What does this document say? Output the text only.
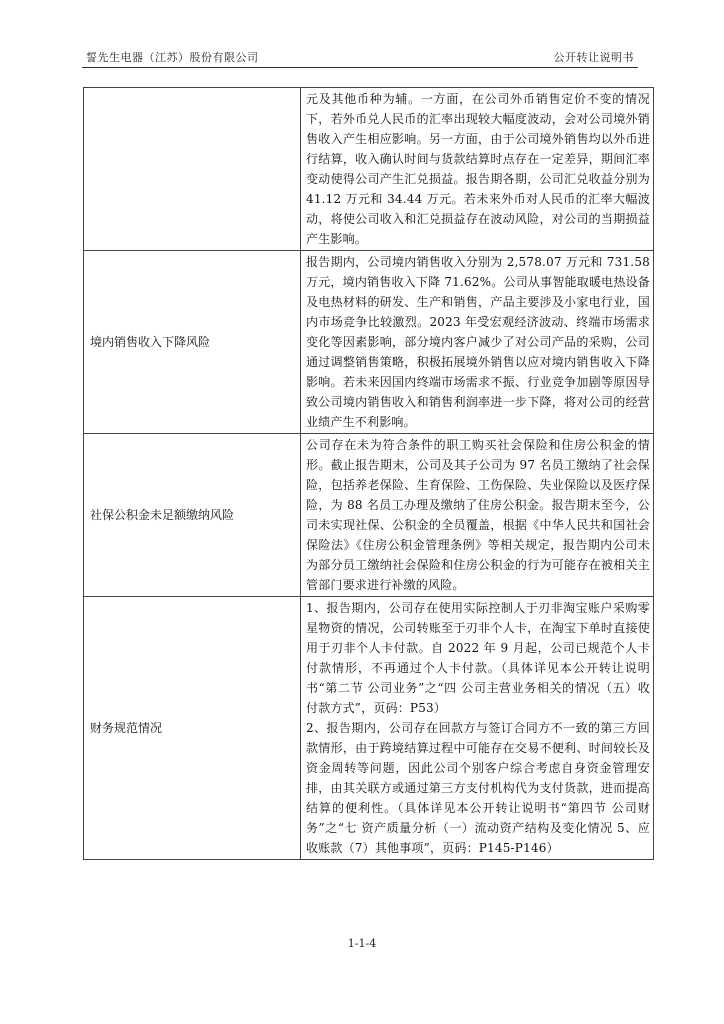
誓先生电器（江苏）股份有限公司	公开转让说明书

	元及其他币种为辅。一方面，在公司外币销售定价不变的情况下，若外币兑人民币的汇率出现较大幅度波动，会对公司境外销售收入产生相应影响。另一方面，由于公司境外销售均以外币进行结算，收入确认时间与货款结算时点存在一定差异，期间汇率变动使得公司产生汇兑损益。报告期各期，公司汇兑收益分别为 41.12 万元和 34.44 万元。若未来外币对人民币的汇率大幅波动，将使公司收入和汇兑损益存在波动风险，对公司的当期损益产生影响。

境内销售收入下降风险	报告期内，公司境内销售收入分别为 2,578.07 万元和 731.58 万元，境内销售收入下降 71.62%。公司从事智能取暖电热设备及电热材料的研发、生产和销售，产品主要涉及小家电行业，国内市场竞争比较激烈。2023 年受宏观经济波动、终端市场需求变化等因素影响，部分境内客户减少了对公司产品的采购，公司通过调整销售策略，积极拓展境外销售以应对境内销售收入下降影响。若未来因国内终端市场需求不振、行业竞争加剧等原因导致公司境内销售收入和销售利润率进一步下降，将对公司的经营业绩产生不利影响。

社保公积金未足额缴纳风险	公司存在未为符合条件的职工购买社会保险和住房公积金的情形。截止报告期末，公司及其子公司为 97 名员工缴纳了社会保险，包括养老保险、生育保险、工伤保险、失业保险以及医疗保险，为 88 名员工办理及缴纳了住房公积金。报告期末至今，公司未实现社保、公积金的全员覆盖，根据《中华人民共和国社会保险法》《住房公积金管理条例》等相关规定，报告期内公司未为部分员工缴纳社会保险和住房公积金的行为可能存在被相关主管部门要求进行补缴的风险。

财务规范情况	1、报告期内，公司存在使用实际控制人于刃非淘宝账户采购零星物资的情况，公司转账至于刃非个人卡，在淘宝下单时直接使用于刃非个人卡付款。自 2022 年 9 月起，公司已规范个人卡付款情形，不再通过个人卡付款。（具体详见本公开转让说明书“第二节 公司业务”之“四 公司主营业务相关的情况（五）收付款方式”，页码：P53）

2、报告期内，公司存在回款方与签订合同方不一致的第三方回款情形，由于跨境结算过程中可能存在交易不便利、时间较长及资金周转等问题，因此公司个别客户综合考虑自身资金管理安排，由其关联方或通过第三方支付机构代为支付货款，进而提高结算的便利性。（具体详见本公开转让说明书“第四节 公司财务”之“七 资产质量分析（一）流动资产结构及变化情况 5、应收账款（7）其他事项”，页码：P145-P146）

1-1-4
